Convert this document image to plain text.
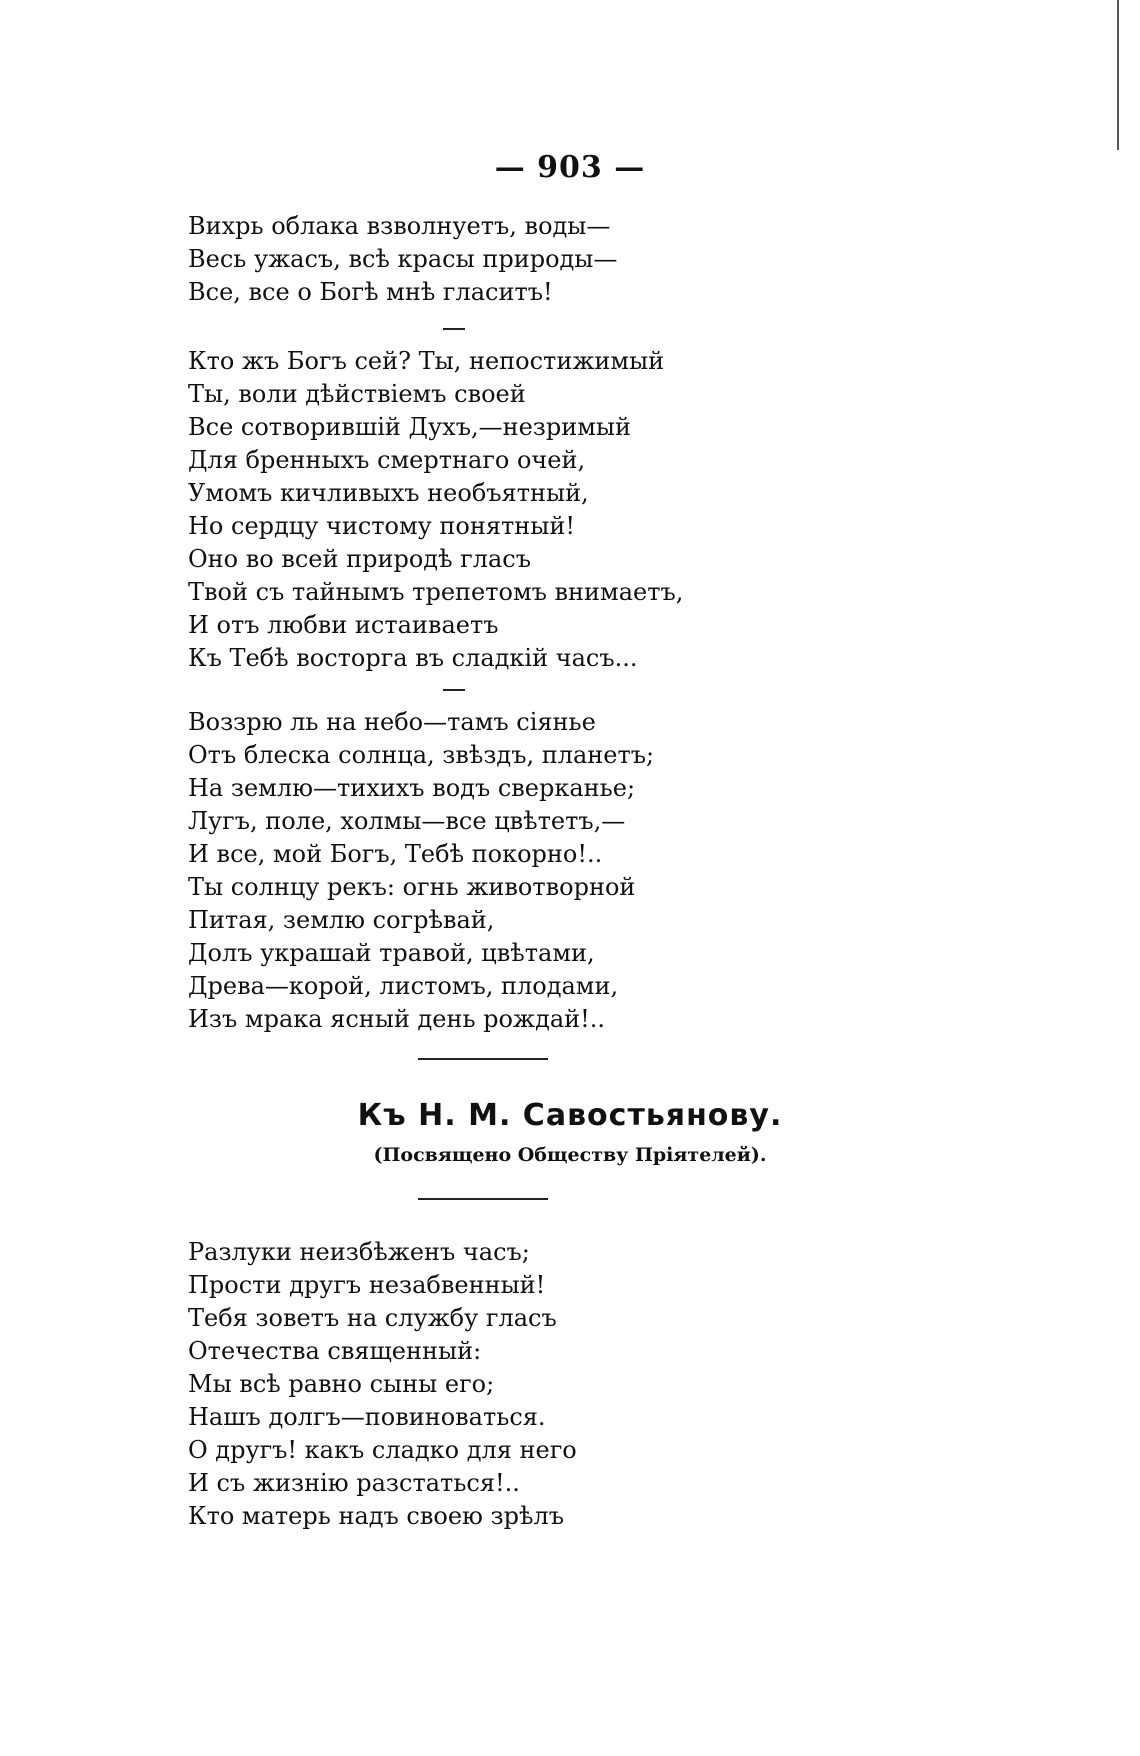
— 903 —
Вихрь облака взволнуетъ, воды—
Весь ужасъ, всѣ красы природы—
Все, все о Богѣ мнѣ гласитъ!
Кто жъ Богъ сей? Ты, непостижимый
Ты, воли дѣйствіемъ своей
Все сотворившій Духъ,—незримый
Для бренныхъ смертнаго очей,
Умомъ кичливыхъ необъятный,
Но сердцу чистому понятный!
Оно во всей природѣ гласъ
Твой съ тайнымъ трепетомъ внимаетъ,
И отъ любви истаиваетъ
Къ Тебѣ восторга въ сладкій часъ...
Воззрю ль на небо—тамъ сіянье
Отъ блеска солнца, звѣздъ, планетъ;
На землю—тихихъ водъ сверканье;
Лугъ, поле, холмы—все цвѣтетъ,—
И все, мой Богъ, Тебѣ покорно!..
Ты солнцу рекъ: огнь животворной
Питая, землю согрѣвай,
Долъ украшай травой, цвѣтами,
Древа—корой, листомъ, плодами,
Изъ мрака ясный день рождай!..
Къ Н. М. Савостьянову.
(Посвящено Обществу Пріятелей).
Разлуки неизбѣженъ часъ;
Прости другъ незабвенный!
Тебя зоветъ на службу гласъ
Отечества священный:
Мы всѣ равно сыны его;
Нашъ долгъ—повиноваться.
О другъ! какъ сладко для него
И съ жизнію разстаться!..
Кто матерь надъ своею зрѣлъ
